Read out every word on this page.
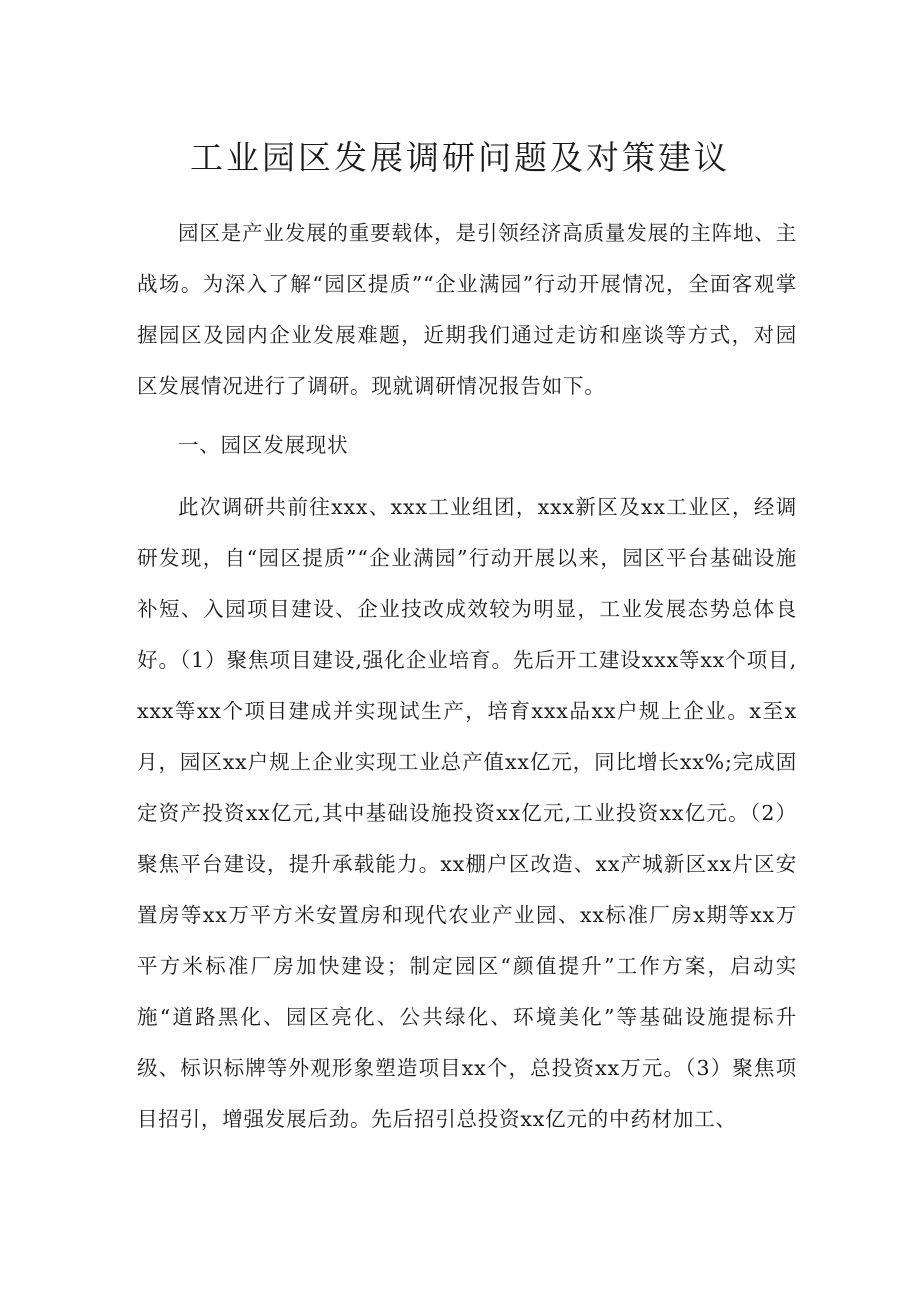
工业园区发展调研问题及对策建议

园区是产业发展的重要载体，是引领经济高质量发展的主阵地、主战场。为深入了解“园区提质”“企业满园”行动开展情况，全面客观掌握园区及园内企业发展难题，近期我们通过走访和座谈等方式，对园区发展情况进行了调研。现就调研情况报告如下。

一、园区发展现状

此次调研共前往xxx、xxx工业组团，xxx新区及xx工业区，经调研发现，自“园区提质”“企业满园”行动开展以来，园区平台基础设施补短、入园项目建设、企业技改成效较为明显，工业发展态势总体良好。（1）聚焦项目建设,强化企业培育。先后开工建设xxx等xx个项目,xxx等xx个项目建成并实现试生产，培育xxx品xx户规上企业。x至x月，园区xx户规上企业实现工业总产值xx亿元，同比增长xx%;完成固定资产投资xx亿元,其中基础设施投资xx亿元,工业投资xx亿元。（2）聚焦平台建设，提升承载能力。xx棚户区改造、xx产城新区xx片区安置房等xx万平方米安置房和现代农业产业园、xx标准厂房x期等xx万平方米标准厂房加快建设；制定园区“颜值提升”工作方案，启动实施“道路黑化、园区亮化、公共绿化、环境美化”等基础设施提标升级、标识标牌等外观形象塑造项目xx个，总投资xx万元。（3）聚焦项目招引，增强发展后劲。先后招引总投资xx亿元的中药材加工、
